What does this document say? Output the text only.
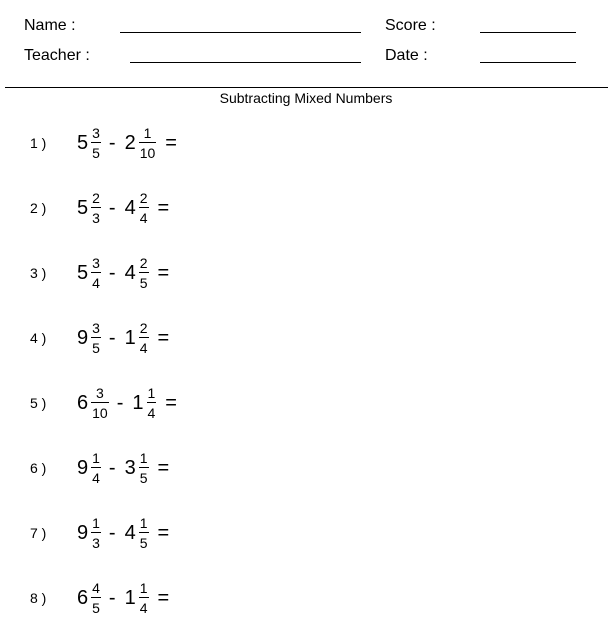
Name :
Teacher :
Score :
Date :
Subtracting Mixed Numbers
1 ) $5 \frac{3}{5} - 2 \frac{1}{10}$ =
2 ) $5 \frac{2}{3} - 4 \frac{2}{4}$ =
3 ) $5 \frac{3}{4} - 4 \frac{2}{5}$ =
4 ) $9 \frac{3}{5} - 1 \frac{2}{4}$ =
5 ) $6 \frac{3}{10} - 1 \frac{1}{4}$ =
6 ) $9 \frac{1}{4} - 3 \frac{1}{5}$ =
7 ) $9 \frac{1}{3} - 4 \frac{1}{5}$ =
8 ) $6 \frac{4}{5} - 1 \frac{1}{4}$ =
